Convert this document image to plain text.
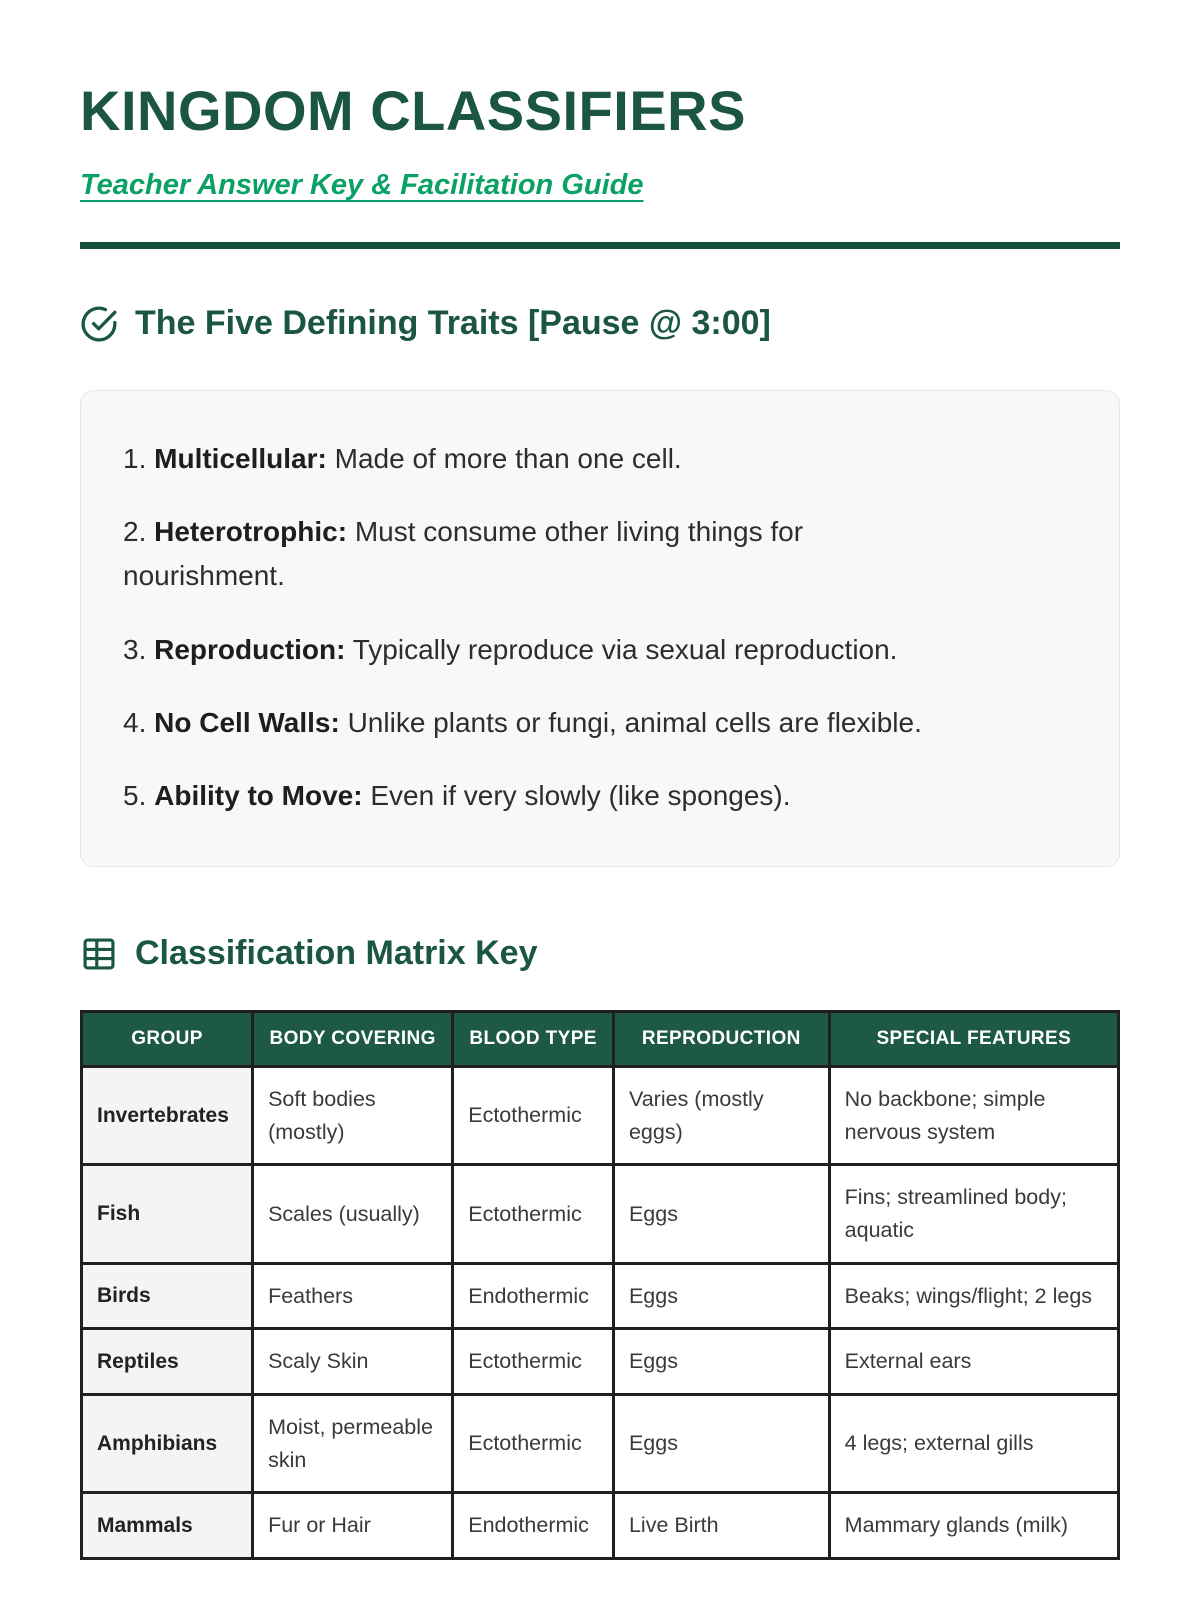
KINGDOM CLASSIFIERS

Teacher Answer Key & Facilitation Guide
The Five Defining Traits [Pause @ 3:00]
1. Multicellular: Made of more than one cell.
2. Heterotrophic: Must consume other living things for nourishment.
3. Reproduction: Typically reproduce via sexual reproduction.
4. No Cell Walls: Unlike plants or fungi, animal cells are flexible.
5. Ability to Move: Even if very slowly (like sponges).
Classification Matrix Key
GROUP	BODY COVERING	BLOOD TYPE	REPRODUCTION	SPECIAL FEATURES
Invertebrates	Soft bodies (mostly)	Ectothermic	Varies (mostly eggs)	No backbone; simple nervous system
Fish	Scales (usually)	Ectothermic	Eggs	Fins; streamlined body; aquatic
Birds	Feathers	Endothermic	Eggs	Beaks; wings/flight; 2 legs
Reptiles	Scaly Skin	Ectothermic	Eggs	External ears
Amphibians	Moist, permeable skin	Ectothermic	Eggs	4 legs; external gills
Mammals	Fur or Hair	Endothermic	Live Birth	Mammary glands (milk)
